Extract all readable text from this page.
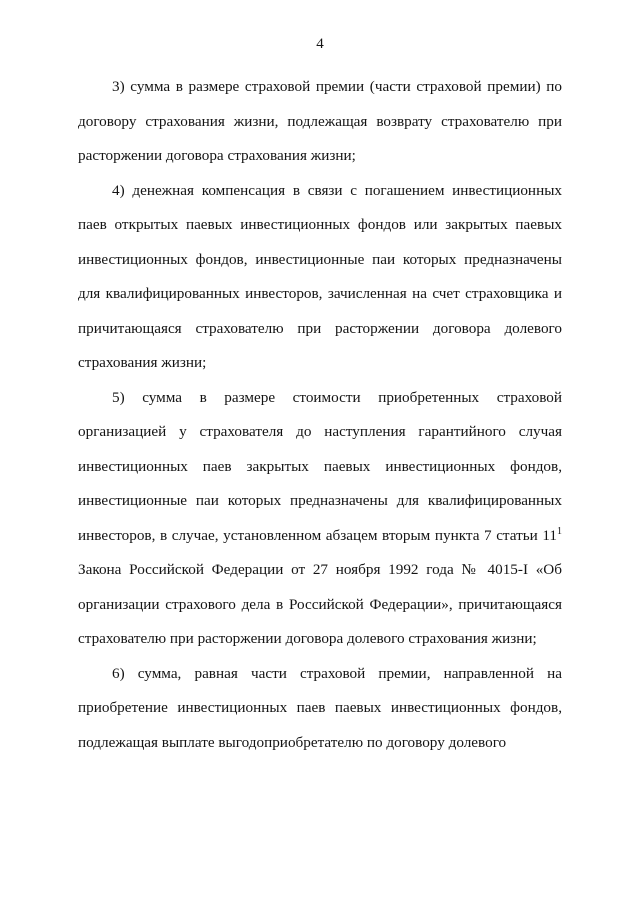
4

3) сумма в размере страховой премии (части страховой премии) по договору страхования жизни, подлежащая возврату страхователю при расторжении договора страхования жизни;

4) денежная компенсация в связи с погашением инвестиционных паев открытых паевых инвестиционных фондов или закрытых паевых инвестиционных фондов, инвестиционные паи которых предназначены для квалифицированных инвесторов, зачисленная на счет страховщика и причитающаяся страхователю при расторжении договора долевого страхования жизни;

5) сумма в размере стоимости приобретенных страховой организацией у страхователя до наступления гарантийного случая инвестиционных паев закрытых паевых инвестиционных фондов, инвестиционные паи которых предназначены для квалифицированных инвесторов, в случае, установленном абзацем вторым пункта 7 статьи $11^1$ Закона Российской Федерации от 27 ноября 1992 года № 4015-I «Об организации страхового дела в Российской Федерации», причитающаяся страхователю при расторжении договора долевого страхования жизни;

6) сумма, равная части страховой премии, направленной на приобретение инвестиционных паев паевых инвестиционных фондов, подлежащая выплате выгодоприобретателю по договору долевого
